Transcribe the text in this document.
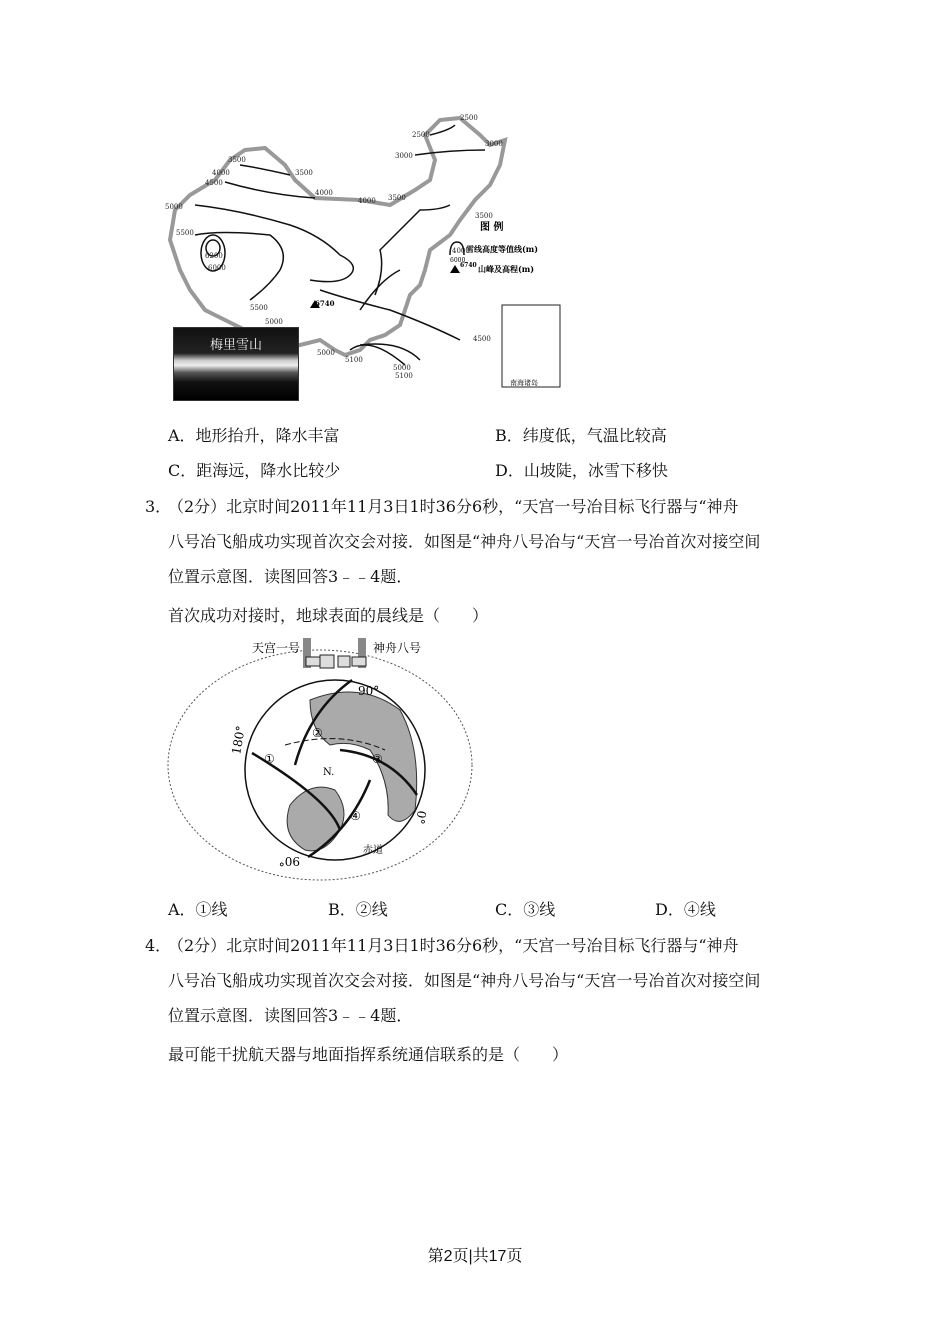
2500
2500
3000
3000
3500
3500
4000
4500
4000
4000 3500
3500
5000
5500
6200
6000
4000
5500
5000
4500
5000
5100
5000
5100
6740
图 例
6000
雪线高度等值线(m)
6740 山峰及高程(m)
南海诸岛
梅里雪山
A．地形抬升，降水丰富	B．纬度低，气温比较高
C．距海远，降水比较少	D．山坡陡，冰雪下移快
3．
（2分）北京时间2011年11月3日1时36分6秒，“天宫一号冶目标飞行器与“神舟
八号冶飞船成功实现首次交会对接．如图是“神舟八号冶与“天宫一号冶首次对接空间
位置示意图．读图回答3﹣﹣4题．
首次成功对接时，地球表面的晨线是（　　）
天宫一号	神舟八号
90°
180°
0°
90°
N.
赤道
①
②
③
④
A．①线	B．②线	C．③线	D．④线
4．
（2分）北京时间2011年11月3日1时36分6秒，“天宫一号冶目标飞行器与“神舟
八号冶飞船成功实现首次交会对接．如图是“神舟八号冶与“天宫一号冶首次对接空间
位置示意图．读图回答3﹣﹣4题．
最可能干扰航天器与地面指挥系统通信联系的是（　　）
第2页|共17页
